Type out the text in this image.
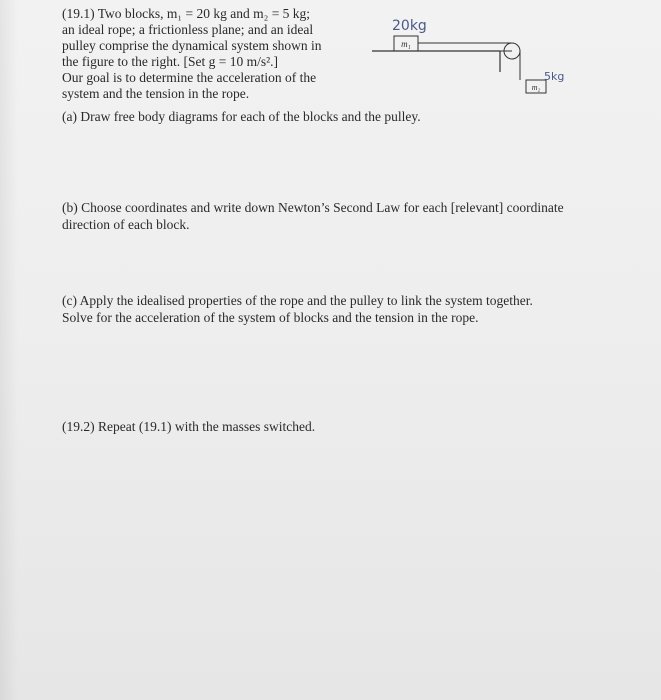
(19.1) Two blocks, m₁ = 20 kg and m₂ = 5 kg;
an ideal rope; a frictionless plane; and an ideal
pulley comprise the dynamical system shown in
the figure to the right. [Set g = 10 m/s².]
Our goal is to determine the acceleration of the
system and the tension in the rope.
20kg
m₁
m₂
5kg
(a) Draw free body diagrams for each of the blocks and the pulley.
(b) Choose coordinates and write down Newton’s Second Law for each [relevant] coordinate
direction of each block.
(c) Apply the idealised properties of the rope and the pulley to link the system together.
Solve for the acceleration of the system of blocks and the tension in the rope.
(19.2) Repeat (19.1) with the masses switched.
